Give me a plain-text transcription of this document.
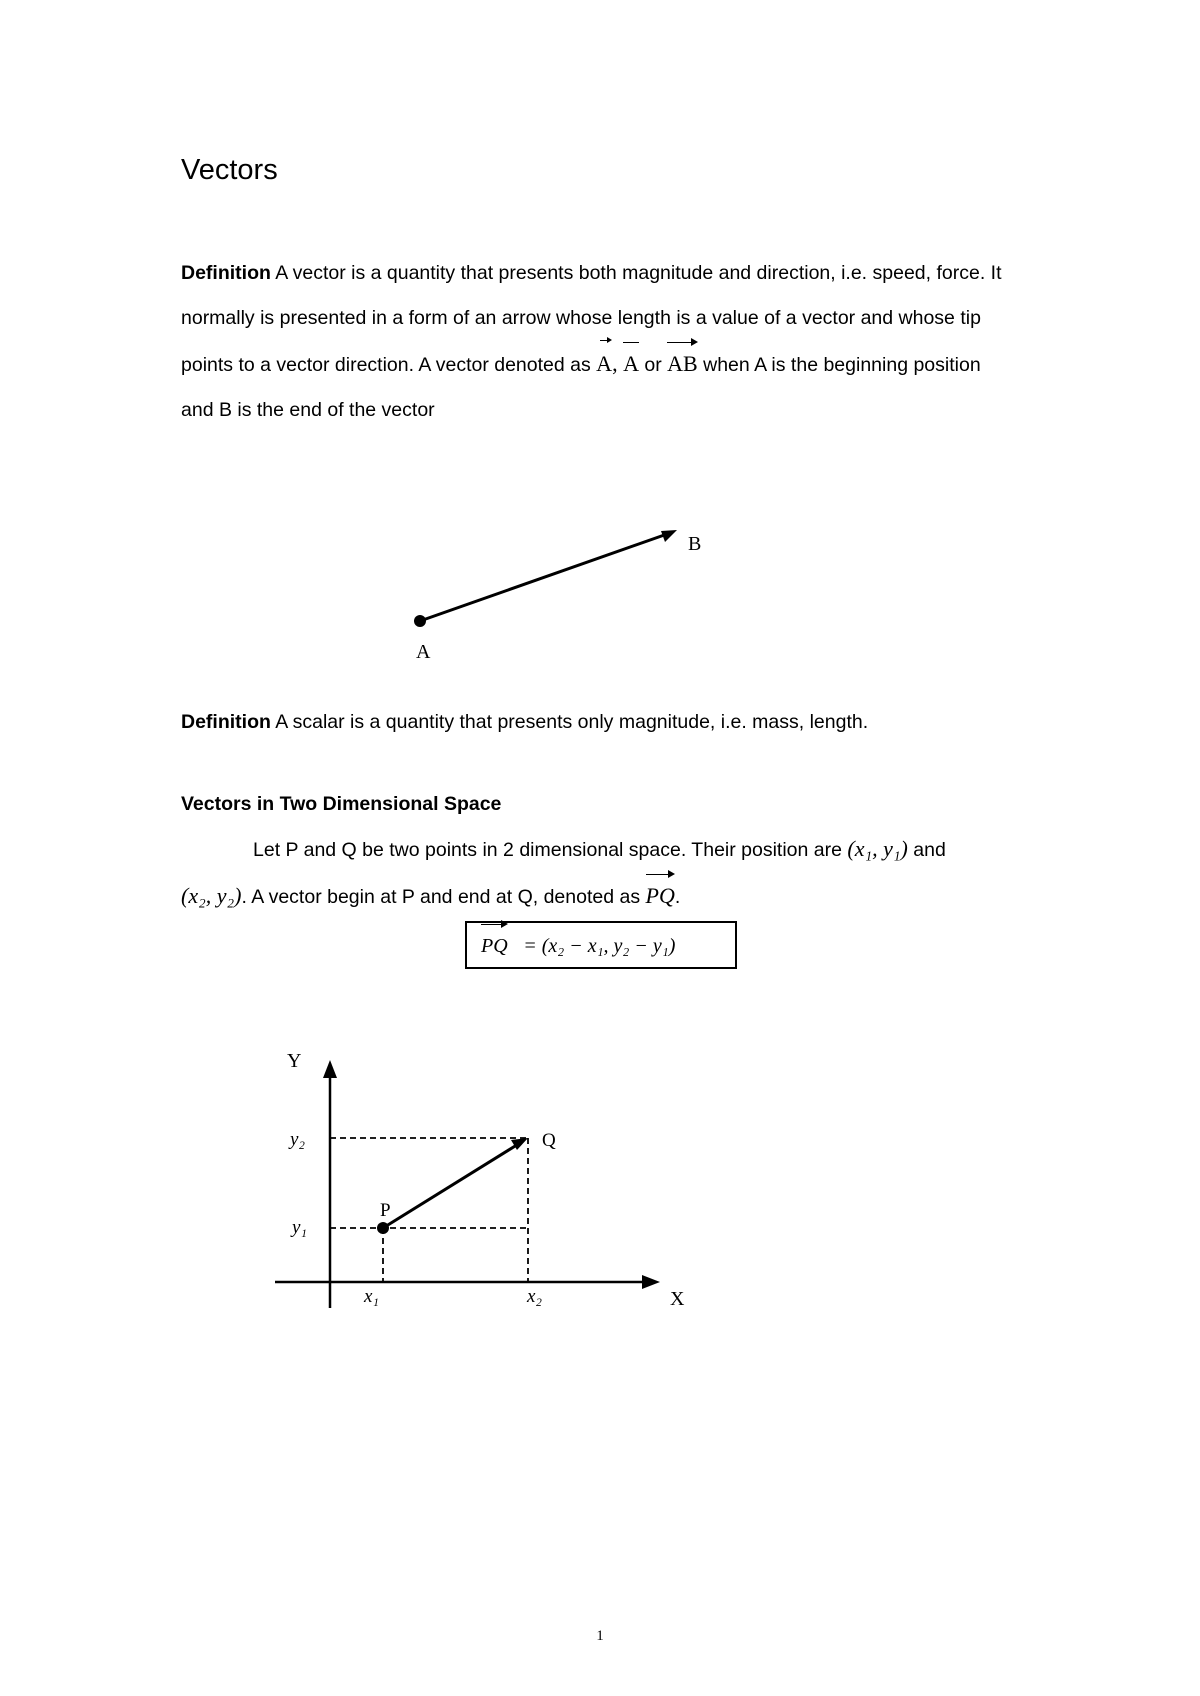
Vectors
Definition A vector is a quantity that presents both magnitude and direction, i.e. speed, force. It
normally is presented in a form of an arrow whose length is a value of a vector and whose tip
points to a vector direction. A vector denoted as A, A or AB when A is the beginning position
and B is the end of the vector
A
B
Definition A scalar is a quantity that presents only magnitude, i.e. mass, length.
Vectors in Two Dimensional Space
Let P and Q be two points in 2 dimensional space. Their position are (x₁, y₁) and
(x₂, y₂). A vector begin at P and end at Q, denoted as PQ.
PQ = (x₂ − x₁, y₂ − y₁)
Y
X
y₂
y₁
x₁	x₂
P
Q
1
